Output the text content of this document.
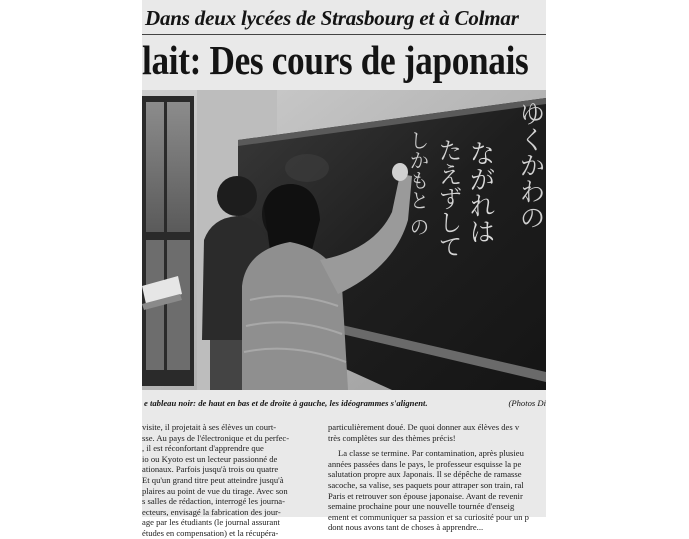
Dans deux lycées de Strasbourg et à Colmar
lait: Des cours de japonais
ながれは
たえずして
しかもと の	ゆくかわの
e tableau noir: de haut en bas et de droite à gauche, les idéogrammes s'alignent.	(Photos Di

visite, il projetait à ses élèves un court-

sse. Au pays de l'électronique et du perfec-

, il est réconfortant d'apprendre que

io ou Kyoto est un lecteur passionné de

ationaux. Parfois jusqu'à trois ou quatre

Et qu'un grand titre peut atteindre jusqu'à

plaires au point de vue du tirage. Avec son

s salles de rédaction, interrogé les journa-

ecteurs, envisagé la fabrication des jour-

age par les étudiants (le journal assurant

études en compensation) et la récupéra-

particulièrement doué. De quoi donner aux élèves des v

très complètes sur des thèmes précis!

La classe se termine. Par contamination, après plusieu

années passées dans le pays, le professeur esquisse la pe

salutation propre aux Japonais. Il se dépêche de ramasse

sacoche, sa valise, ses paquets pour attraper son train, ral

Paris et retrouver son épouse japonaise. Avant de revenir

semaine prochaine pour une nouvelle tournée d'enseig

ement et communiquer sa passion et sa curiosité pour un p

dont nous avons tant de choses à apprendre...
